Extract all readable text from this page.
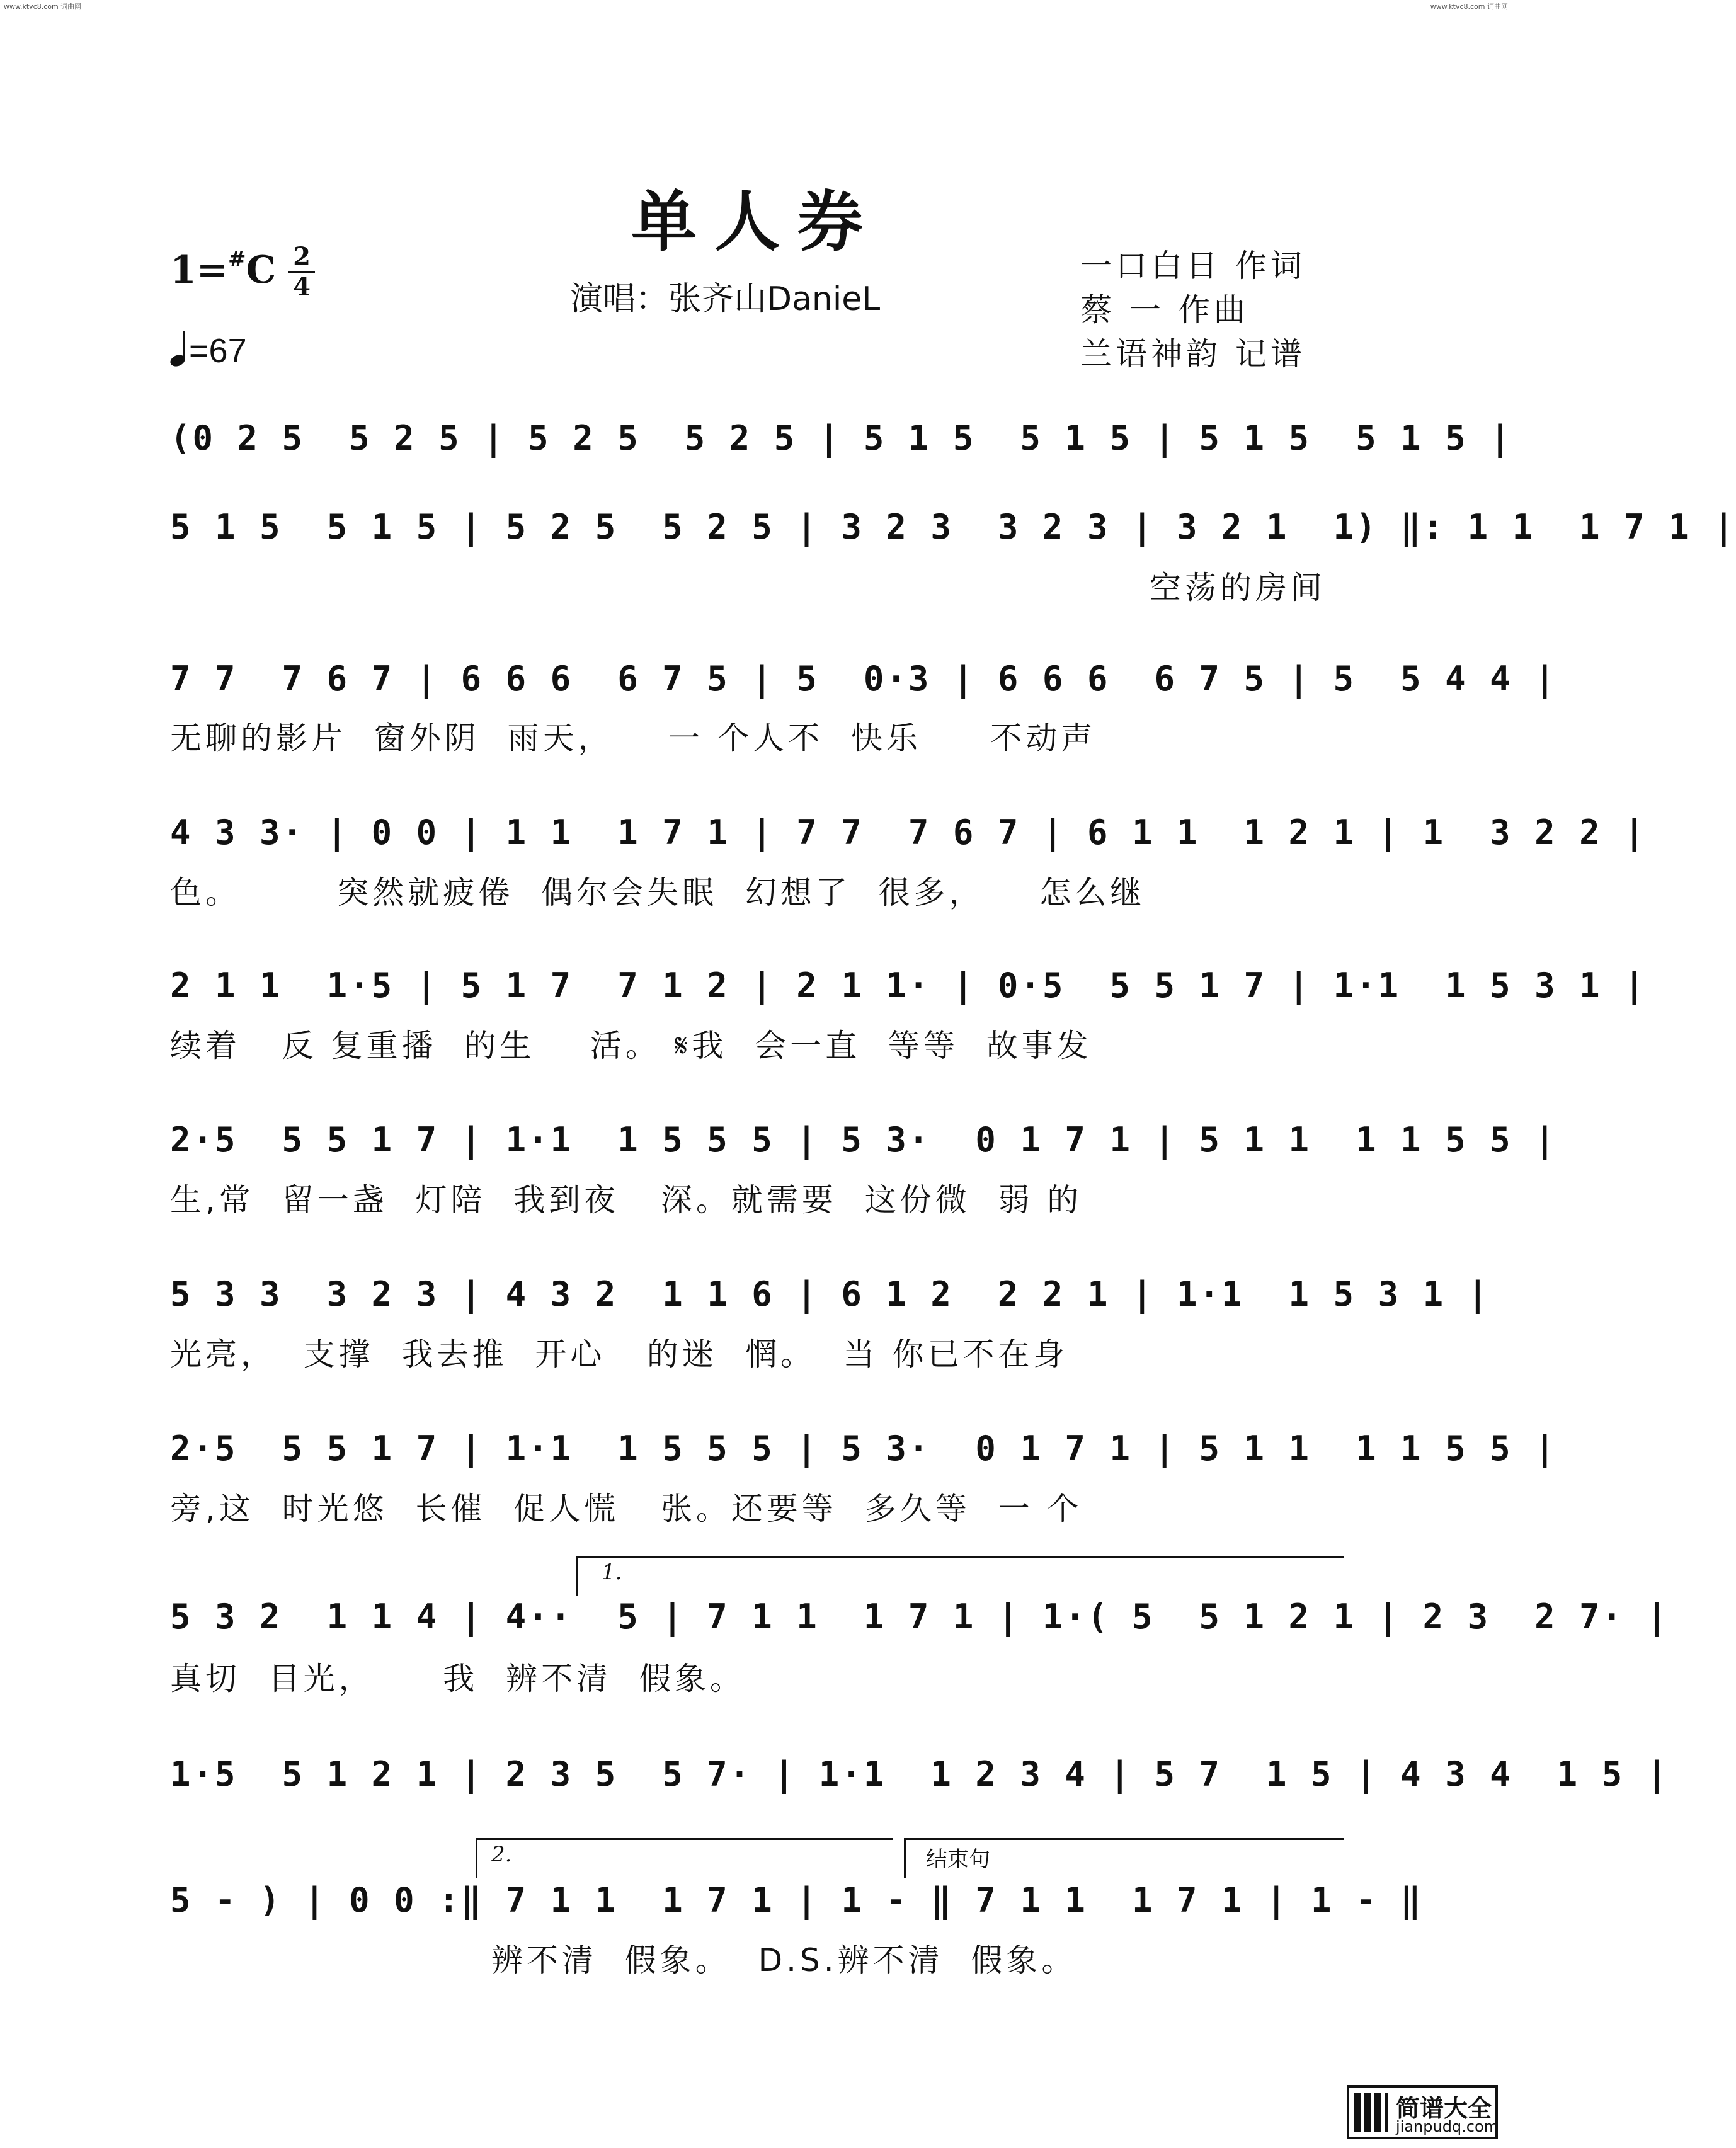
www.ktvc8.com 词曲网	www.ktvc8.com 词曲网
单人券
1=#C 2
4
=67
演唱：张齐山DanieL
一口白日 作词
蔡 一 作曲
兰语神韵 记谱
(0 2 5  5 2 5 | 5 2 5  5 2 5 | 5 1 5  5 1 5 | 5 1 5  5 1 5 |
5 1 5  5 1 5 | 5 2 5  5 2 5 | 3 2 3  3 2 3 | 3 2 1  1) ‖: 1 1  1 7 1 |
空荡的房间
7 7  7 6 7 | 6 6 6  6 7 5 | 5  0·3 | 6 6 6  6 7 5 | 5  5 4 4 |
无聊的影片  窗外阴  雨天，    一 个人不  快乐     不动声
4 3 3· | 0 0 | 1 1  1 7 1 | 7 7  7 6 7 | 6 1 1  1 2 1 | 1  3 2 2 |
色。       突然就疲倦  偶尔会失眠  幻想了  很多，    怎么继
2 1 1  1·5 | 5 1 7  7 1 2 | 2 1 1· | 0·5  5 5 1 7 | 1·1  1 5 3 1 |
续着   反 复重播  的生    活。 𝄋我  会一直  等等  故事发
2·5  5 5 1 7 | 1·1  1 5 5 5 | 5 3·  0 1 7 1 | 5 1 1  1 1 5 5 |
生,常  留一盏  灯陪  我到夜   深。就需要  这份微  弱 的
5 3 3  3 2 3 | 4 3 2  1 1 6 | 6 1 2  2 2 1 | 1·1  1 5 3 1 |
光亮，  支撑  我去推  开心   的迷  惘。  当 你已不在身
2·5  5 5 1 7 | 1·1  1 5 5 5 | 5 3·  0 1 7 1 | 5 1 1  1 1 5 5 |
旁,这  时光悠  长催  促人慌   张。还要等  多久等  一 个
1.
5 3 2  1 1 4 | 4··  5 | 7 1 1  1 7 1 | 1·( 5  5 1 2 1 | 2 3  2 7· |
真切  目光，     我  辨不清  假象。
1·5  5 1 2 1 | 2 3 5  5 7· | 1·1  1 2 3 4 | 5 7  1 5 | 4 3 4  1 5 |
2.	结束句
5 - ) | 0 0 :‖ 7 1 1  1 7 1 | 1 - ‖ 7 1 1  1 7 1 | 1 - ‖
辨不清  假象。  D.S.辨不清  假象。
简谱大全
jianpudq.com
